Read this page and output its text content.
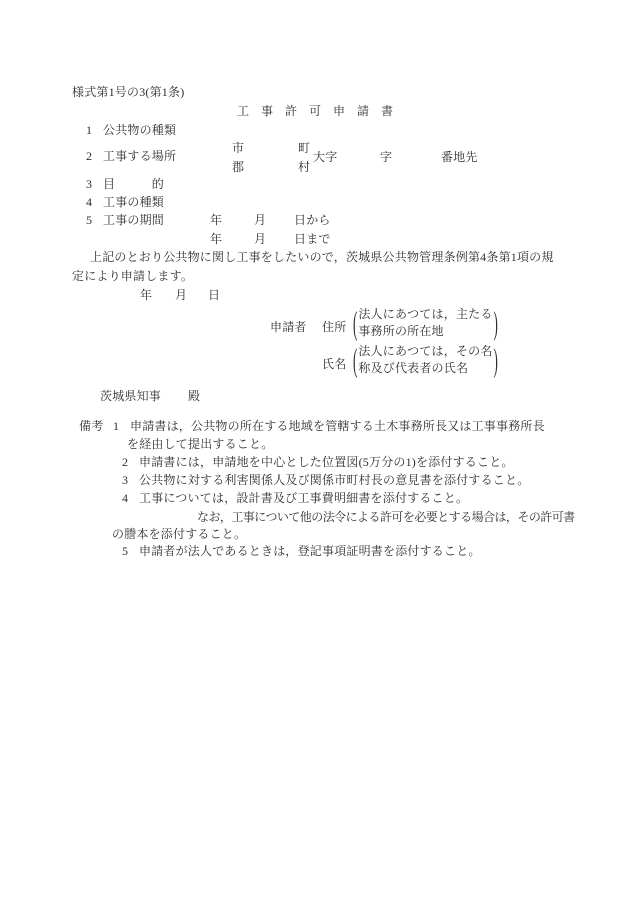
様式第1号の3(第1条)
工　事　許　可　申　請　書
1 公共物の種類
2 工事する場所
市	町
郡	村
大字	字	番地先
3 目　　　的
4 工事の種類
5 工事の期間	年	月 日から
年	月 日まで
上記のとおり公共物に関し工事をしたいので，茨城県公共物管理条例第4条第1項の規
定により申請します。
年 月 日
申請者 住所 ( 法人にあつては，主たる
事務所の所在地	)
氏名 ( 法人にあつては，その名
称及び代表者の氏名	)
茨城県知事 殿
備考 1 申請書は，公共物の所在する地域を管轄する土木事務所長又は工事事務所長
を経由して提出すること。
2 申請書には，申請地を中心とした位置図(5万分の1)を添付すること。
3 公共物に対する利害関係人及び関係市町村長の意見書を添付すること。
4 工事については，設計書及び工事費明細書を添付すること。
なお，工事について他の法令による許可を必要とする場合は，その許可書
の謄本を添付すること。
5 申請者が法人であるときは，登記事項証明書を添付すること。
